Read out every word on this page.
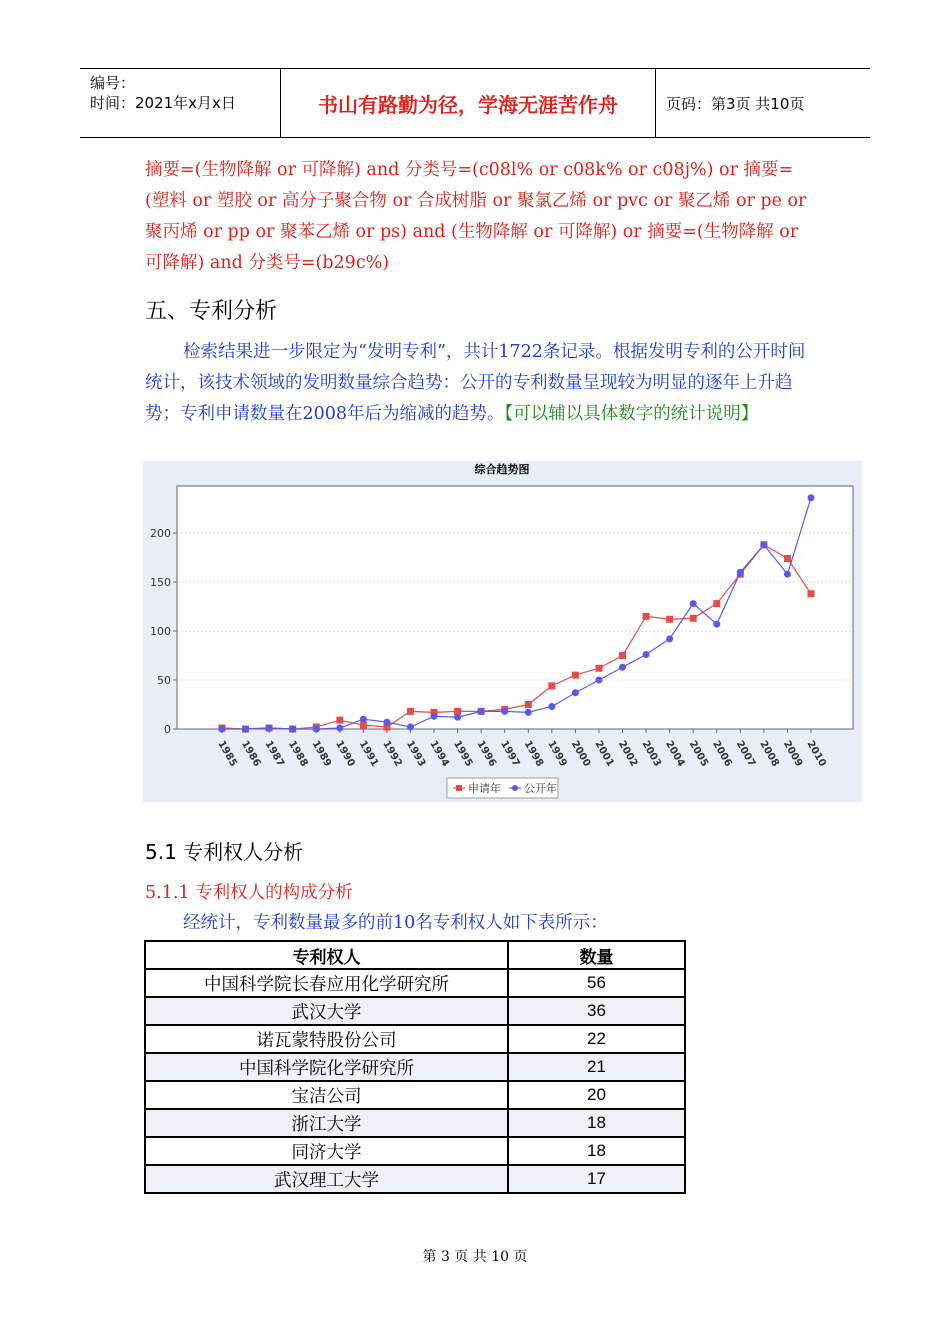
编号：
时间：2021年x月x日	书山有路勤为径，学海无涯苦作舟	页码：第3页 共10页
摘要=(生物降解 or 可降解) and 分类号=(c08l% or c08k% or c08j%) or 摘要=(塑料 or 塑胶 or 高分子聚合物 or 合成树脂 or 聚氯乙烯 or pvc or 聚乙烯 or pe or 聚丙烯 or pp or 聚苯乙烯 or ps) and (生物降解 or 可降解) or 摘要=(生物降解 or 可降解) and 分类号=(b29c%)
五、专利分析
检索结果进一步限定为“发明专利”，共计1722条记录。根据发明专利的公开时间统计，该技术领域的发明数量综合趋势：公开的专利数量呈现较为明显的逐年上升趋势；专利申请数量在2008年后为缩减的趋势。【可以辅以具体数字的统计说明】
综合趋势图
0
50
100
150
200
1985 1986 1987 1988 1989 1990 1991 1992 1993 1994 1995 1996 1997 1998 1999 2000 2001 2002 2003 2004 2005 2006 2007 2008 2009 2010
申请年 公开年
5.1 专利权人分析
5.1.1 专利权人的构成分析
经统计，专利数量最多的前10名专利权人如下表所示：
专利权人	数量
中国科学院长春应用化学研究所	56
武汉大学	36
诺瓦蒙特股份公司	22
中国科学院化学研究所	21
宝洁公司	20
浙江大学	18
同济大学	18
武汉理工大学	17
第 3 页 共 10 页
